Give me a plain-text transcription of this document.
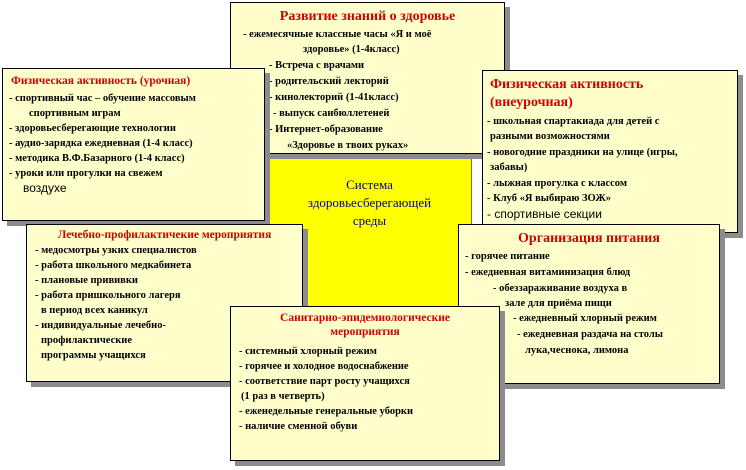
Система
здоровьесберегающей
среды
Развитие знаний о здоровье
- ежемесячные классные часы «Я и моё
здоровье» (1-4класс)
- Встреча с врачами
- родительский лекторий
- кинолекторий (1-41класс)
- выпуск санбюллетеней
- Интернет-образование
«Здоровье в твоих руках»
Физическая активность (урочная)
- спортивный час – обучение массовым
спортивным играм
- здоровьесберегающие технологии
- аудио-зарядка ежедневная (1-4 класс)
- методика В.Ф.Базарного (1-4 класс)
- уроки или прогулки на свежем
воздухе
Физическая активность
(внеурочная)
- школьная спартакиада для детей с
разными возможностями
- новогодние праздники на улице (игры,
забавы)
- лыжная прогулка с классом
- Клуб «Я выбираю ЗОЖ»
- спортивные секции
Лечебно-профилактичекие мероприятия
- медосмотры узких специалистов
- работа школьного медкабинета
- плановые прививки
- работа пришкольного лагеря
в период всех каникул
- индивидуальные лечебно-
профилактические
программы учащихся
Организация питания
- горячее питание
- ежедневная витаминизация блюд
- обеззараживание воздуха в
зале для приёма пищи
- ежедневный хлорный режим
- ежедневная раздача на столы
лука,чеснока, лимона
Санитарно-эпидемиологические
мероприятия
- системный хлорный режим
- горячее и холодное водоснабжение
- соответствие парт росту учащихся
(1 раз в четверть)
- еженедельные генеральные уборки
- наличие сменной обуви
